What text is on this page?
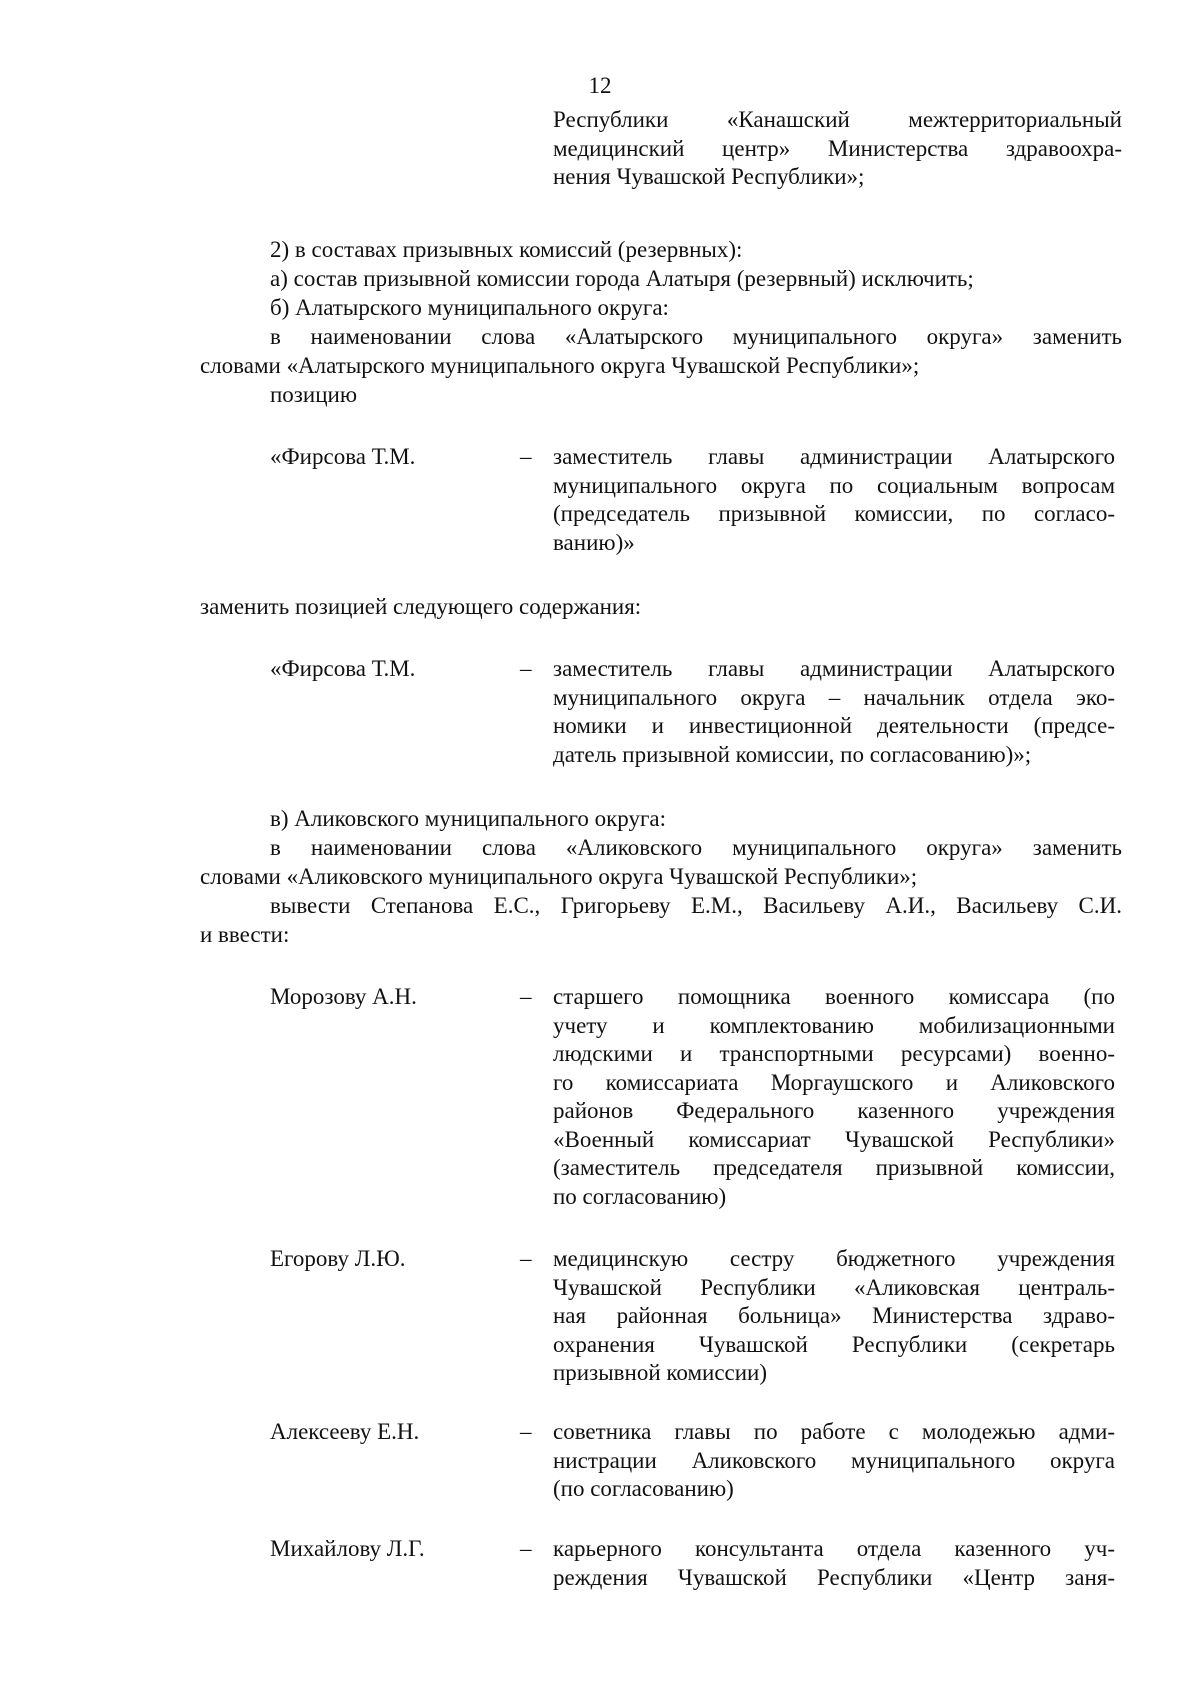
12
Республики «Канашский межтерриториальный
медицинский центр» Министерства здравоохра-
нения Чувашской Республики»;
2) в составах призывных комиссий (резервных):
а) состав призывной комиссии города Алатыря (резервный) исключить;
б) Алатырского муниципального округа:
в наименовании слова «Алатырского муниципального округа» заменить
словами «Алатырского муниципального округа Чувашской Республики»;
позицию
«Фирсова Т.М.	– заместитель главы администрации Алатырского
муниципального округа по социальным вопросам
(председатель призывной комиссии, по согласо-
ванию)»
заменить позицией следующего содержания:
«Фирсова Т.М.	– заместитель главы администрации Алатырского
муниципального округа – начальник отдела эко-
номики и инвестиционной деятельности (предсе-
датель призывной комиссии, по согласованию)»;
в) Аликовского муниципального округа:
в наименовании слова «Аликовского муниципального округа» заменить
словами «Аликовского муниципального округа Чувашской Республики»;
вывести Степанова Е.С., Григорьеву Е.М., Васильеву А.И., Васильеву С.И.
и ввести:
Морозову А.Н.	– старшего помощника военного комиссара (по
учету и комплектованию мобилизационными
людскими и транспортными ресурсами) военно-
го комиссариата Моргаушского и Аликовского
районов Федерального казенного учреждения
«Военный комиссариат Чувашской Республики»
(заместитель председателя призывной комиссии,
по согласованию)
Егорову Л.Ю.	– медицинскую сестру бюджетного учреждения
Чувашской Республики «Аликовская централь-
ная районная больница» Министерства здраво-
охранения Чувашской Республики (секретарь
призывной комиссии)
Алексееву Е.Н.	– советника главы по работе с молодежью адми-
нистрации Аликовского муниципального округа
(по согласованию)
Михайлову Л.Г.	– карьерного консультанта отдела казенного уч-
реждения Чувашской Республики «Центр заня-
